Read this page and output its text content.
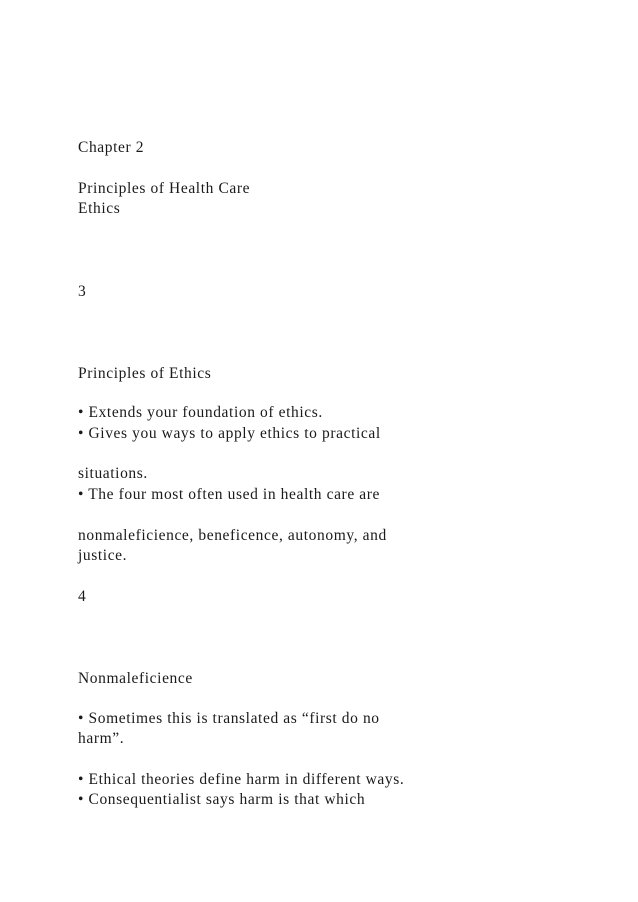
Chapter 2

Principles of Health Care

Ethics

3

Principles of Ethics

• Extends your foundation of ethics.

• Gives you ways to apply ethics to practical

situations.

• The four most often used in health care are

nonmaleficience, beneficence, autonomy, and

justice.

4

Nonmaleficience

• Sometimes this is translated as “first do no

harm”.

• Ethical theories define harm in different ways.

• Consequentialist says harm is that which
